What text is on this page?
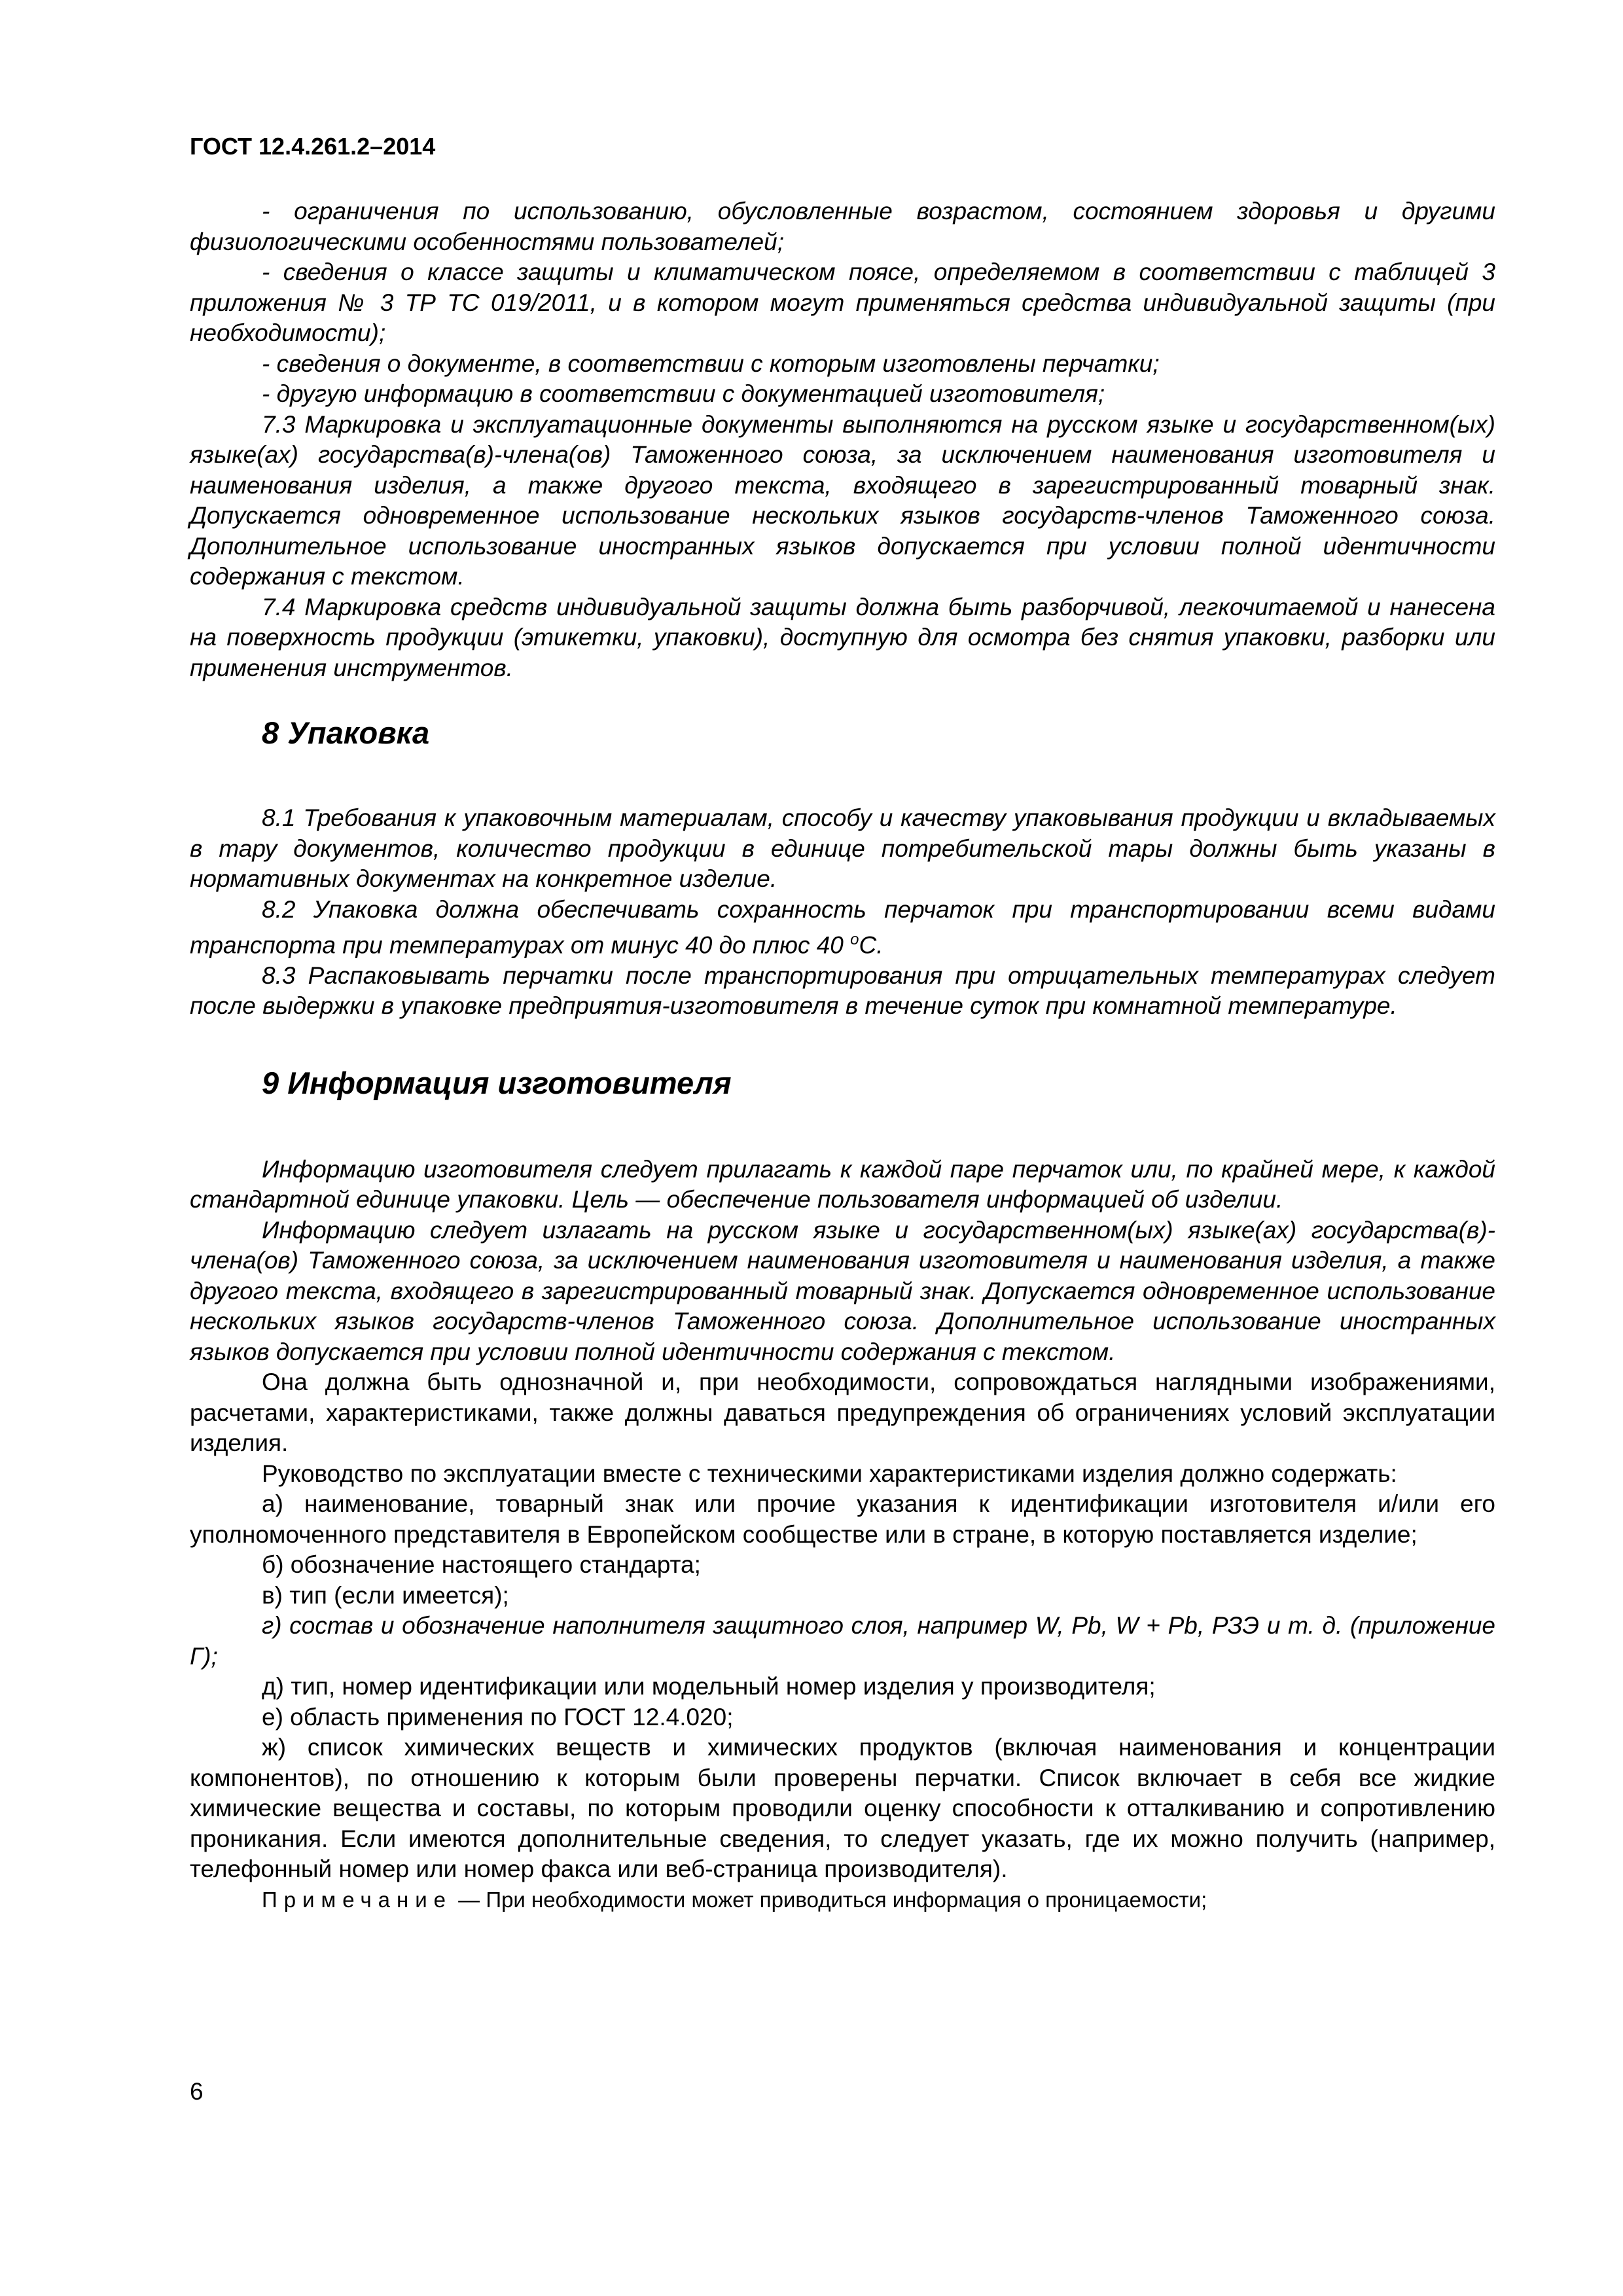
ГОСТ 12.4.261.2–2014

- ограничения по использованию, обусловленные возрастом, состоянием здоровья и другими физиологическими особенностями пользователей;

- сведения о классе защиты и климатическом поясе, определяемом в соответствии с таблицей 3 приложения № 3 ТР ТС 019/2011, и в котором могут применяться средства индивидуальной защиты (при необходимости);

- сведения о документе, в соответствии с которым изготовлены перчатки;

- другую информацию в соответствии с документацией изготовителя;

7.3 Маркировка и эксплуатационные документы выполняются на русском языке и государственном(ых) языке(ах) государства(в)-члена(ов) Таможенного союза, за исключением наименования изготовителя и наименования изделия, а также другого текста, входящего в зарегистрированный товарный знак. Допускается одновременное использование нескольких языков государств-членов Таможенного союза. Дополнительное использование иностранных языков допускается при условии полной идентичности содержания с текстом.

7.4 Маркировка средств индивидуальной защиты должна быть разборчивой, легкочитаемой и нанесена на поверхность продукции (этикетки, упаковки), доступную для осмотра без снятия упаковки, разборки или применения инструментов.

8 Упаковка

8.1 Требования к упаковочным материалам, способу и качеству упаковывания продукции и вкладываемых в тару документов, количество продукции в единице потребительской тары должны быть указаны в нормативных документах на конкретное изделие.

8.2 Упаковка должна обеспечивать сохранность перчаток при транспортировании всеми видами транспорта при температурах от минус 40 до плюс 40 $^o$С.

8.3 Распаковывать перчатки после транспортирования при отрицательных температурах следует после выдержки в упаковке предприятия-изготовителя в течение суток при комнатной температуре.

9 Информация изготовителя

Информацию изготовителя следует прилагать к каждой паре перчаток или, по крайней мере, к каждой стандартной единице упаковки. Цель — обеспечение пользователя информацией об изделии.

Информацию следует излагать на русском языке и государственном(ых) языке(ах) государства(в)-члена(ов) Таможенного союза, за исключением наименования изготовителя и наименования изделия, а также другого текста, входящего в зарегистрированный товарный знак. Допускается одновременное использование нескольких языков государств-членов Таможенного союза. Дополнительное использование иностранных языков допускается при условии полной идентичности содержания с текстом.

Она должна быть однозначной и, при необходимости, сопровождаться наглядными изображениями, расчетами, характеристиками, также должны даваться предупреждения об ограничениях условий эксплуатации изделия.

Руководство по эксплуатации вместе с техническими характеристиками изделия должно содержать:

а) наименование, товарный знак или прочие указания к идентификации изготовителя и/или его уполномоченного представителя в Европейском сообществе или в стране, в которую поставляется изделие;

б) обозначение настоящего стандарта;

в) тип (если имеется);

г) состав и обозначение наполнителя защитного слоя, например W, Pb, W + Pb, РЗЭ и т. д. (приложение Г);

д) тип, номер идентификации или модельный номер изделия у производителя;

е) область применения по ГОСТ 12.4.020;

ж) список химических веществ и химических продуктов (включая наименования и концентрации компонентов), по отношению к которым были проверены перчатки. Список включает в себя все жидкие химические вещества и составы, по которым проводили оценку способности к отталкиванию и сопротивлению проникания. Если имеются дополнительные сведения, то следует указать, где их можно получить (например, телефонный номер или номер факса или веб-страница производителя).

Примечание — При необходимости может приводиться информация о проницаемости;

6
